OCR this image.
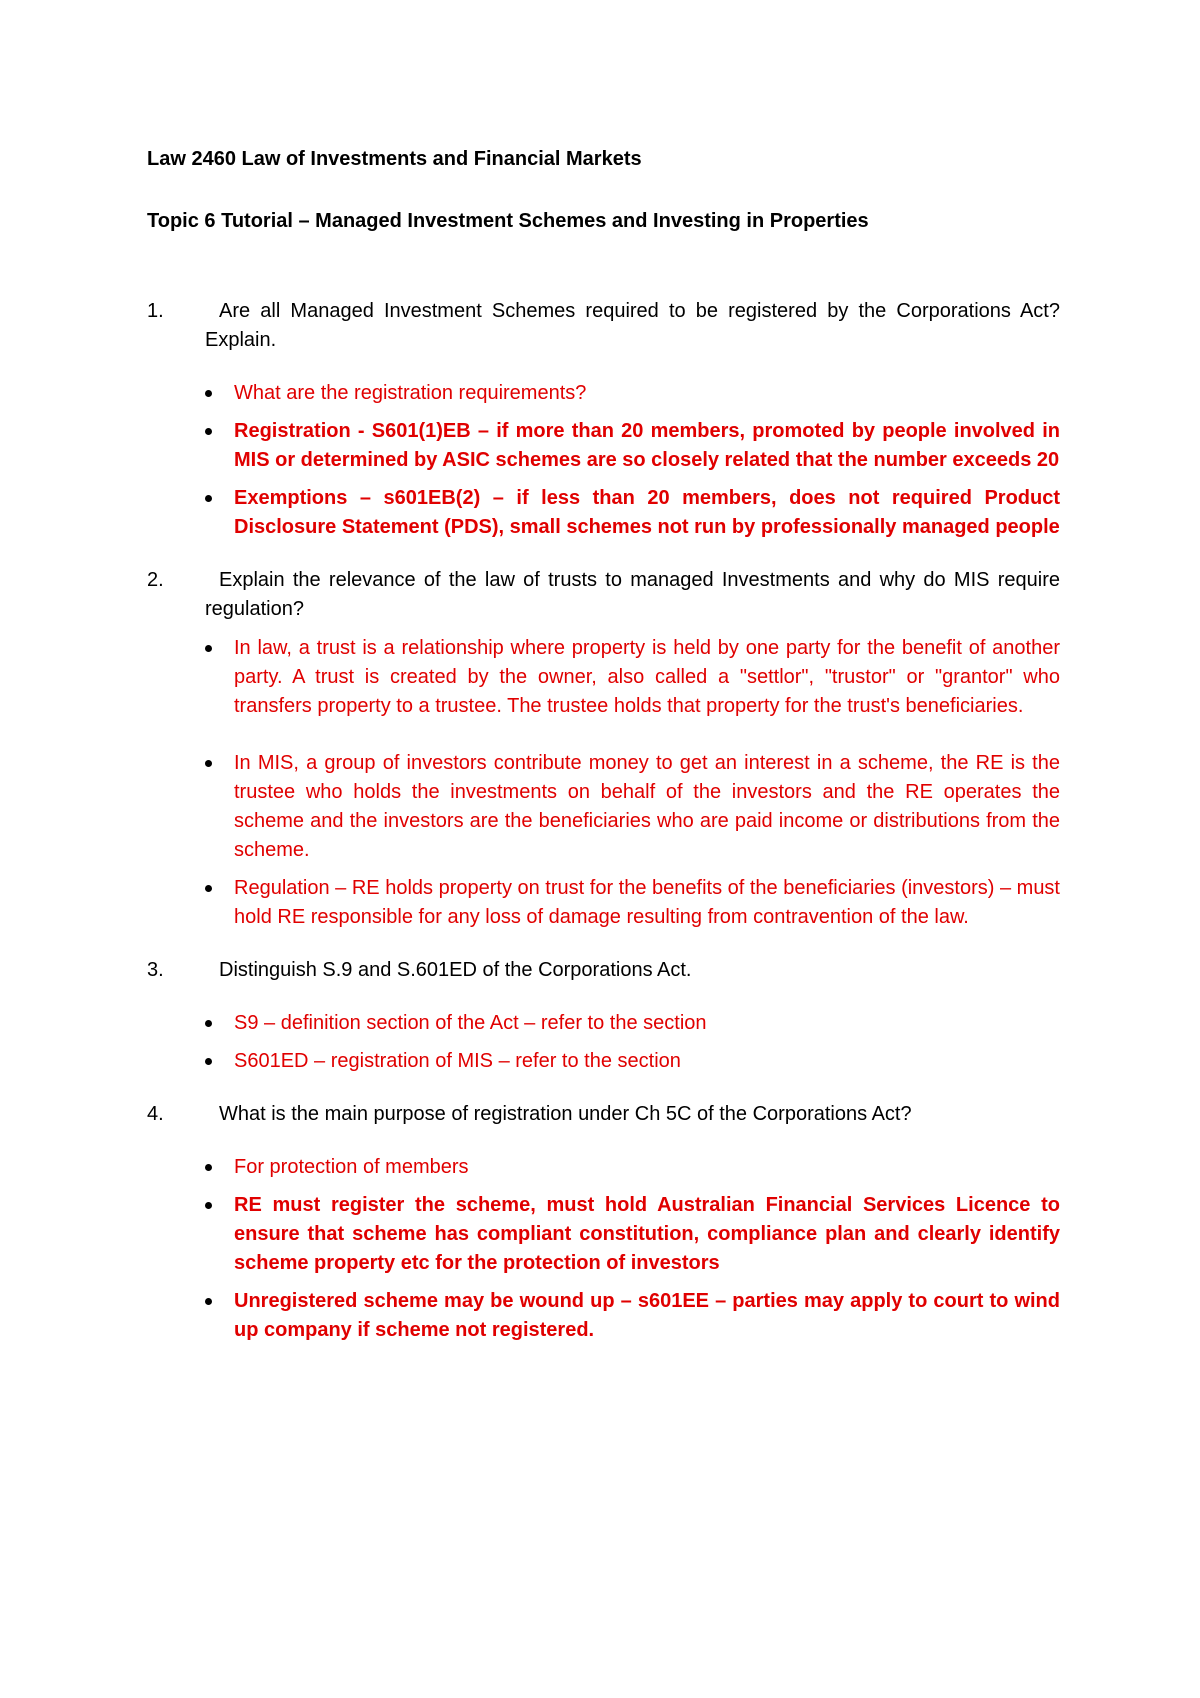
Law 2460 Law of Investments and Financial Markets

Topic 6 Tutorial – Managed Investment Schemes and Investing in Properties

1.	Are all Managed Investment Schemes required to be registered by the Corporations Act? Explain.
What are the registration requirements?
Registration - S601(1)EB – if more than 20 members, promoted by people involved in MIS or determined by ASIC schemes are so closely related that the number exceeds 20
Exemptions – s601EB(2) – if less than 20 members, does not required Product Disclosure Statement (PDS), small schemes not run by professionally managed people
2.	Explain the relevance of the law of trusts to managed Investments and why do MIS require regulation?
In law, a trust is a relationship where property is held by one party for the benefit of another party. A trust is created by the owner, also called a "settlor", "trustor" or "grantor" who transfers property to a trustee. The trustee holds that property for the trust's beneficiaries.
In MIS, a group of investors contribute money to get an interest in a scheme, the RE is the trustee who holds the investments on behalf of the investors and the RE operates the scheme and the investors are the beneficiaries who are paid income or distributions from the scheme.
Regulation – RE holds property on trust for the benefits of the beneficiaries (investors) – must hold RE responsible for any loss of damage resulting from contravention of the law.
3.	Distinguish S.9 and S.601ED of the Corporations Act.
S9 – definition section of the Act – refer to the section
S601ED – registration of MIS – refer to the section
4.	What is the main purpose of registration under Ch 5C of the Corporations Act?
For protection of members
RE must register the scheme, must hold Australian Financial Services Licence to ensure that scheme has compliant constitution, compliance plan and clearly identify scheme property etc for the protection of investors
Unregistered scheme may be wound up – s601EE – parties may apply to court to wind up company if scheme not registered.
